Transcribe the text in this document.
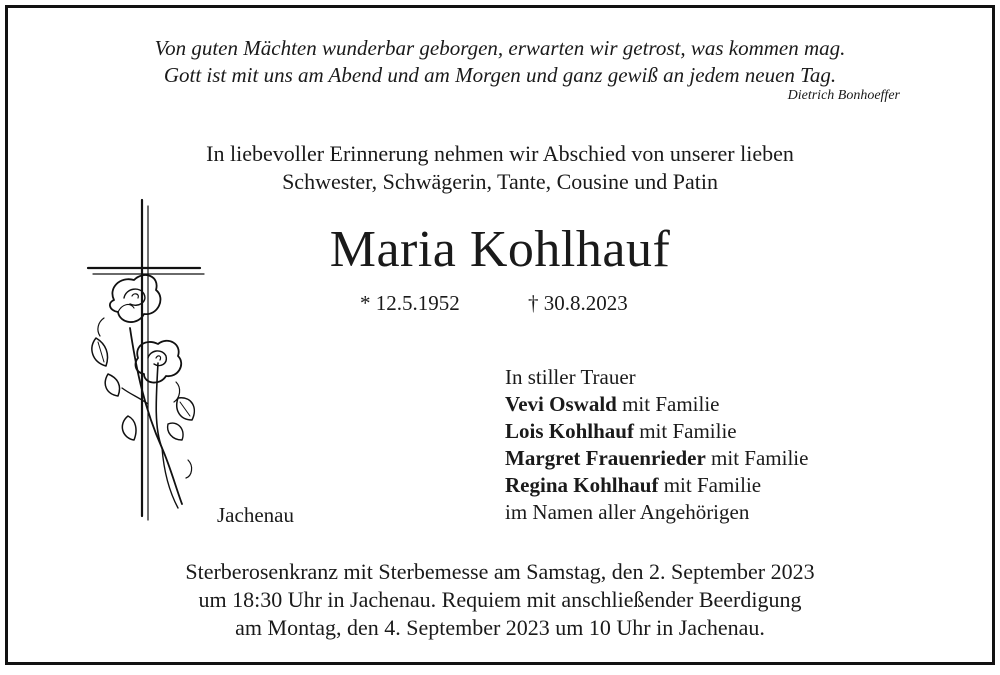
Von guten Mächten wunderbar geborgen, erwarten wir getrost, was kommen mag.
Gott ist mit uns am Abend und am Morgen und ganz gewiß an jedem neuen Tag.
Dietrich Bonhoeffer
In liebevoller Erinnerung nehmen wir Abschied von unserer lieben
Schwester, Schwägerin, Tante, Cousine und Patin
Maria Kohlhauf
* 12.5.1952	† 30.8.2023
Jachenau
In stiller Trauer
Vevi Oswald mit Familie
Lois Kohlhauf mit Familie
Margret Frauenrieder mit Familie
Regina Kohlhauf mit Familie
im Namen aller Angehörigen
Sterberosenkranz mit Sterbemesse am Samstag, den 2. September 2023
um 18:30 Uhr in Jachenau. Requiem mit anschließender Beerdigung
am Montag, den 4. September 2023 um 10 Uhr in Jachenau.
